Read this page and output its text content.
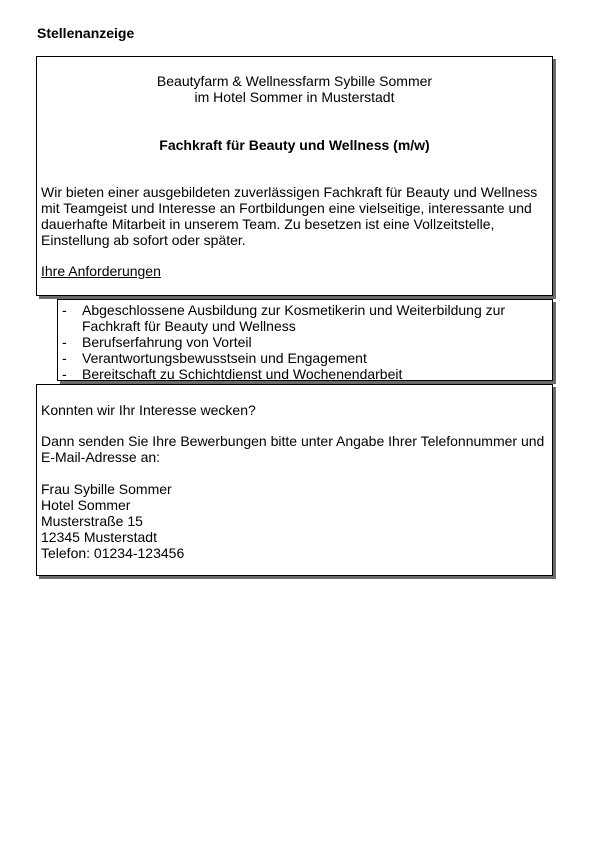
Stellenanzeige
Beautyfarm & Wellnessfarm Sybille Sommer
im Hotel Sommer in Musterstadt
Fachkraft für Beauty und Wellness (m/w)

Wir bieten einer ausgebildeten zuverlässigen Fachkraft für Beauty und Wellness mit Teamgeist und Interesse an Fortbildungen eine vielseitige, interessante und dauerhafte Mitarbeit in unserem Team. Zu besetzen ist eine Vollzeitstelle, Einstellung ab sofort oder später.

Ihre Anforderungen
- Abgeschlossene Ausbildung zur Kosmetikerin und Weiterbildung zur Fachkraft für Beauty und Wellness
- Berufserfahrung von Vorteil
- Verantwortungsbewusstsein und Engagement
- Bereitschaft zu Schichtdienst und Wochenendarbeit

Konnten wir Ihr Interesse wecken?

Dann senden Sie Ihre Bewerbungen bitte unter Angabe Ihrer Telefonnummer und E-Mail-Adresse an:

Frau Sybille Sommer

Hotel Sommer

Musterstraße 15

12345 Musterstadt

Telefon: 01234-123456
